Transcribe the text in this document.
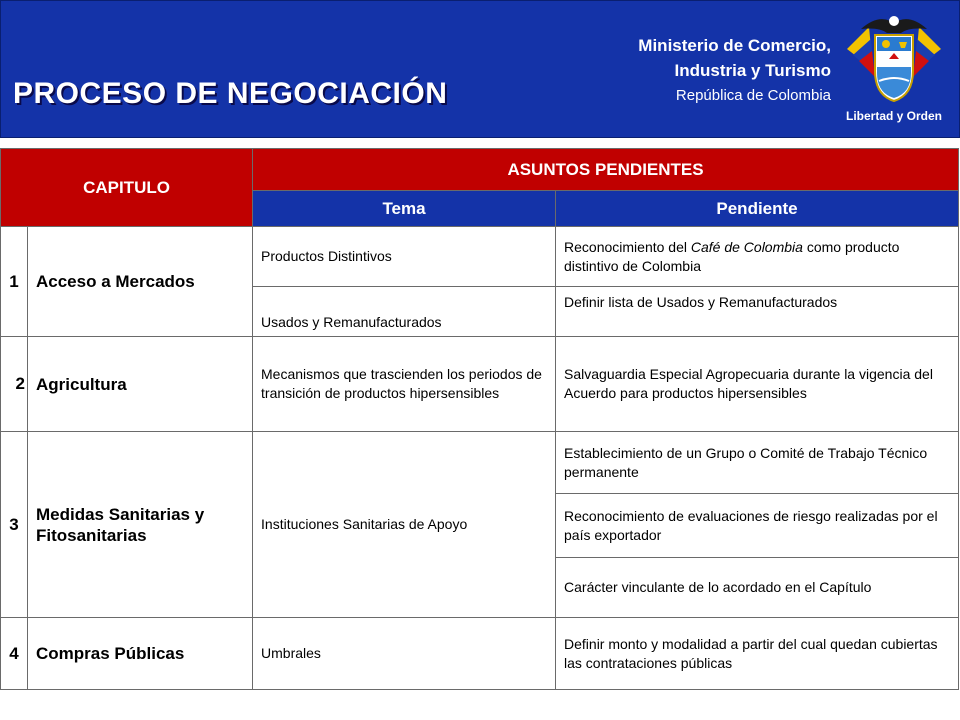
PROCESO DE NEGOCIACIÓN
Ministerio de Comercio,
Industria y Turismo
República de Colombia
Libertad y Orden
CAPITULO		ASUNTOS PENDIENTES	
		Tema	Pendiente
1	Acceso a Mercados	Productos Distintivos	Reconocimiento del Café de Colombia como producto distintivo de Colombia
		Usados y Remanufacturados	Definir lista de Usados y Remanufacturados
2	Agricultura	Mecanismos que trascienden los periodos de transición de productos hipersensibles	Salvaguardia Especial Agropecuaria durante la vigencia del Acuerdo para productos hipersensibles
3	Medidas Sanitarias y Fitosanitarias	Instituciones Sanitarias de Apoyo	Establecimiento de un Grupo o Comité de Trabajo Técnico permanente
			Reconocimiento de evaluaciones de riesgo realizadas por el país exportador
			Carácter vinculante de lo acordado en el Capítulo
4	Compras Públicas	Umbrales	Definir monto y modalidad a partir del cual quedan cubiertas las contrataciones públicas
